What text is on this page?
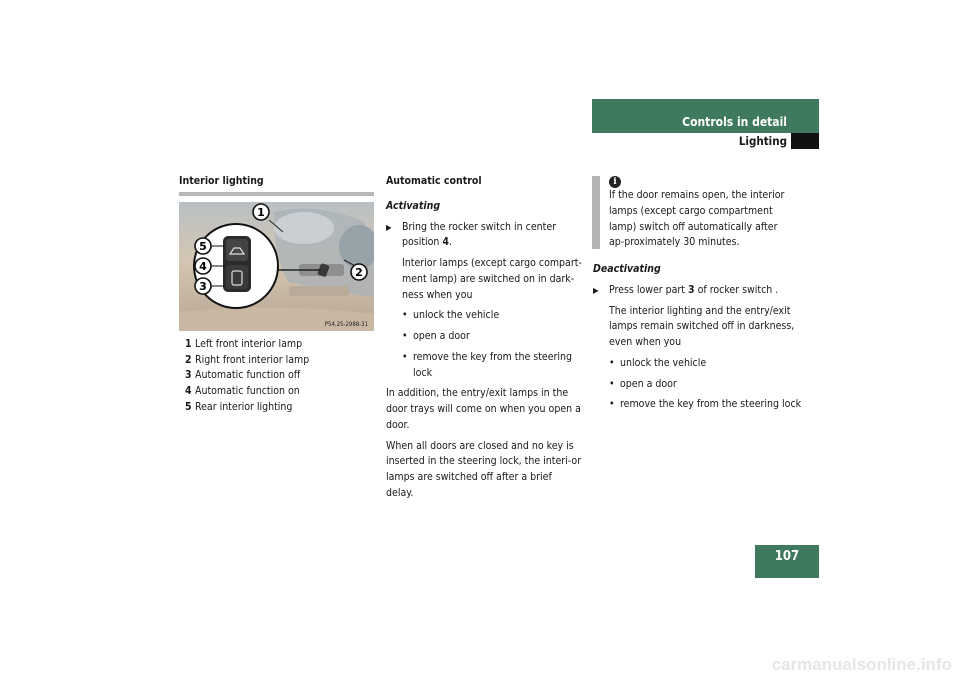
Controls in detail
Lighting
Interior lighting
1
2
3
4
5
P54.25-2988-31
1 Left front interior lamp
2 Right front interior lamp
3 Automatic function off
4 Automatic function on
5 Rear interior lighting
Automatic control
Activating
▶ Bring the rocker switch in center position 4.
Interior lamps (except cargo compart-ment lamp) are switched on in dark-ness when you
• unlock the vehicle
• open a door
• remove the key from the steering lock
In addition, the entry/exit lamps in the door trays will come on when you open a door.
When all doors are closed and no key is inserted in the steering lock, the interi-or lamps are switched off after a brief delay.
i
If the door remains open, the interior lamps (except cargo compartment lamp) switch off automatically after ap-proximately 30 minutes.
Deactivating
▶ Press lower part 3 of rocker switch .
The interior lighting and the entry/exit lamps remain switched off in darkness, even when you
• unlock the vehicle
• open a door
• remove the key from the steering lock
107
carmanualsonline.info
